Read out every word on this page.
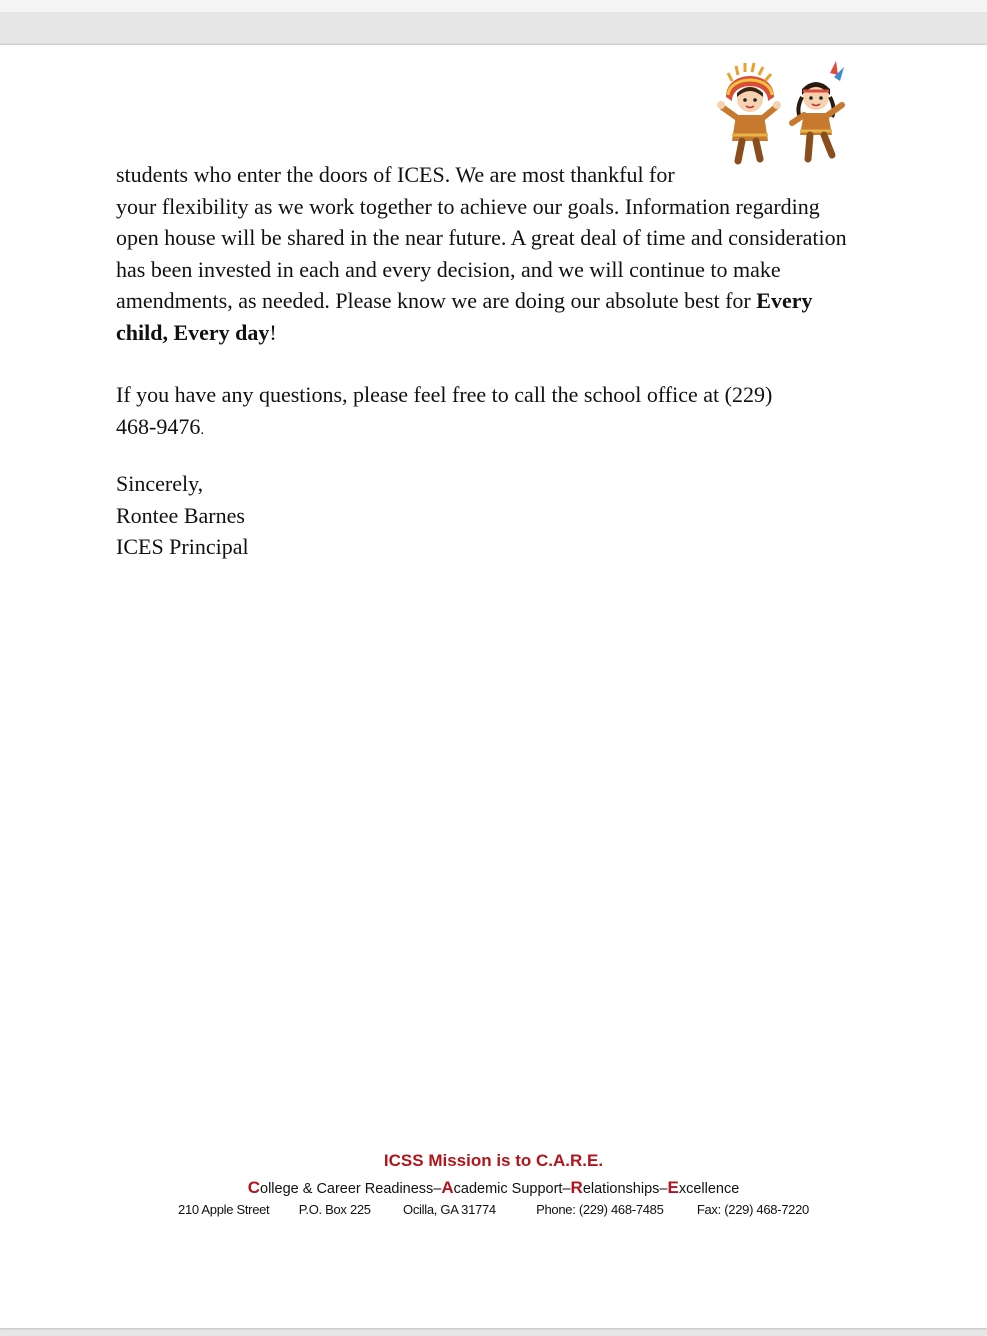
students who enter the doors of ICES. We are most thankful for
your flexibility as we work together to achieve our goals. Information regarding
open house will be shared in the near future. A great deal of time and consideration
has been invested in each and every decision, and we will continue to make
amendments, as needed. Please know we are doing our absolute best for Every
child, Every day!

If you have any questions, please feel free to call the school office at (229)
468-9476.

Sincerely,
Rontee Barnes
ICES Principal

ICSS Mission is to C.A.R.E.
College & Career Readiness–Academic Support–Relationships–Excellence
210 Apple Street P.O. Box 225 Ocilla, GA 31774	Phone: (229) 468-7485	Fax: (229) 468-7220
